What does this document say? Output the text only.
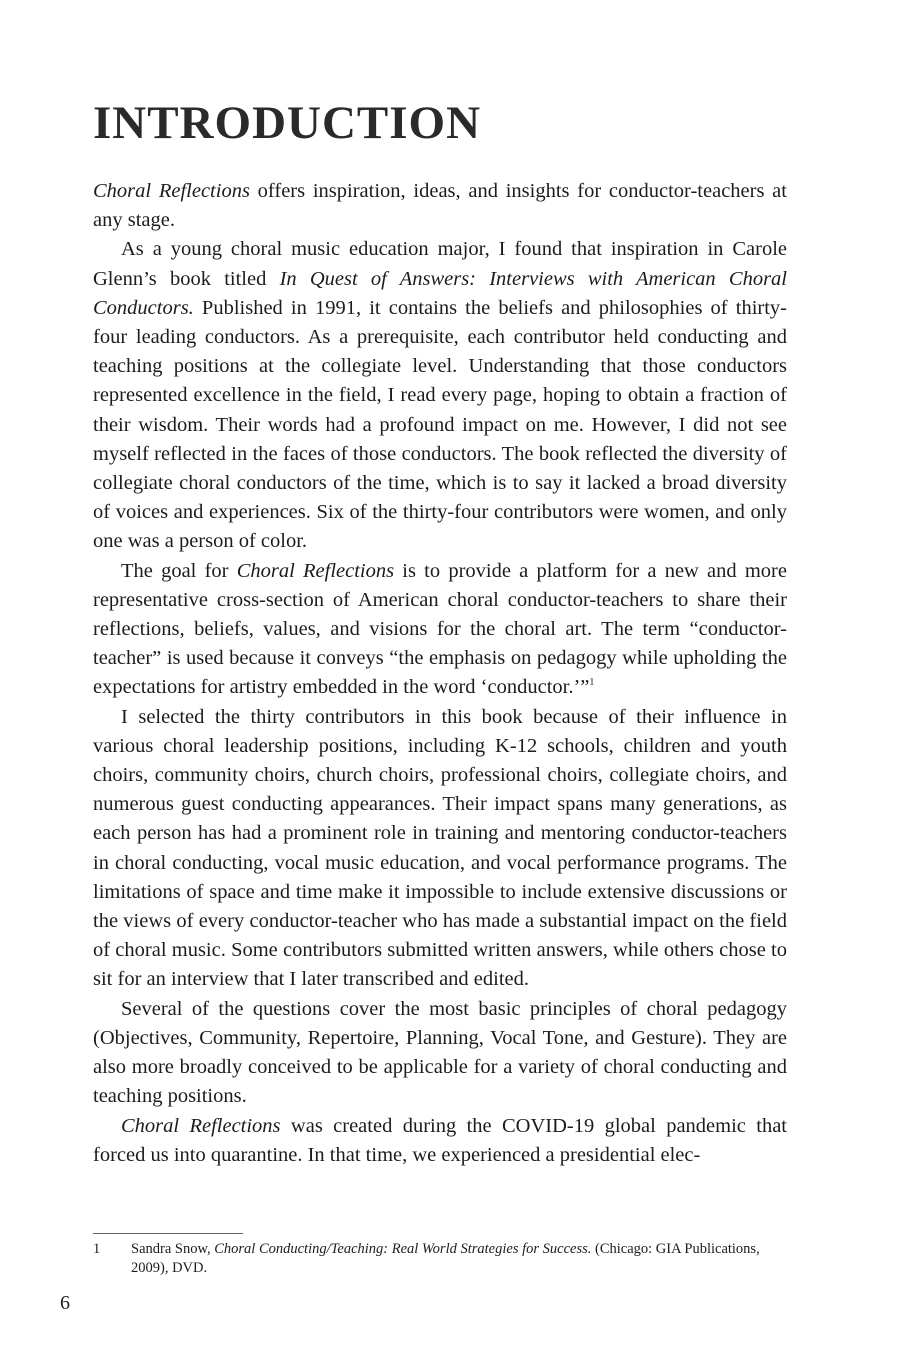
INTRODUCTION

Choral Reflections offers inspiration, ideas, and insights for conductor-teachers at any stage.

As a young choral music education major, I found that inspiration in Carole Glenn’s book titled In Quest of Answers: Interviews with American Choral Conductors. Published in 1991, it contains the beliefs and philosophies of thirty-four leading conductors. As a prerequisite, each contributor held conducting and teaching positions at the collegiate level. Understanding that those conductors represented excellence in the field, I read every page, hoping to obtain a fraction of their wisdom. Their words had a profound impact on me. However, I did not see myself reflected in the faces of those conductors. The book reflected the diversity of collegiate choral conductors of the time, which is to say it lacked a broad diversity of voices and experiences. Six of the thirty-four contributors were women, and only one was a person of color.

The goal for Choral Reflections is to provide a platform for a new and more representative cross-section of American choral conductor-teachers to share their reflections, beliefs, values, and visions for the choral art. The term “conductor-teacher” is used because it conveys “the emphasis on pedagogy while upholding the expectations for artistry embedded in the word ‘conductor.’”$^1$

I selected the thirty contributors in this book because of their influence in various choral leadership positions, including K-12 schools, children and youth choirs, community choirs, church choirs, professional choirs, collegiate choirs, and numerous guest conducting appearances. Their impact spans many generations, as each person has had a prominent role in training and mentoring conductor-teachers in choral conducting, vocal music education, and vocal performance programs. The limitations of space and time make it impossible to include extensive discussions or the views of every conductor-teacher who has made a substantial impact on the field of choral music. Some contributors submitted written answers, while others chose to sit for an interview that I later transcribed and edited.

Several of the questions cover the most basic principles of choral pedagogy (Objectives, Community, Repertoire, Planning, Vocal Tone, and Gesture). They are also more broadly conceived to be applicable for a variety of choral conducting and teaching positions.

Choral Reflections was created during the COVID-19 global pandemic that forced us into quarantine. In that time, we experienced a presidential elec-

1 Sandra Snow, Choral Conducting/Teaching: Real World Strategies for Success. (Chicago: GIA Publications, 2009), DVD.
6
